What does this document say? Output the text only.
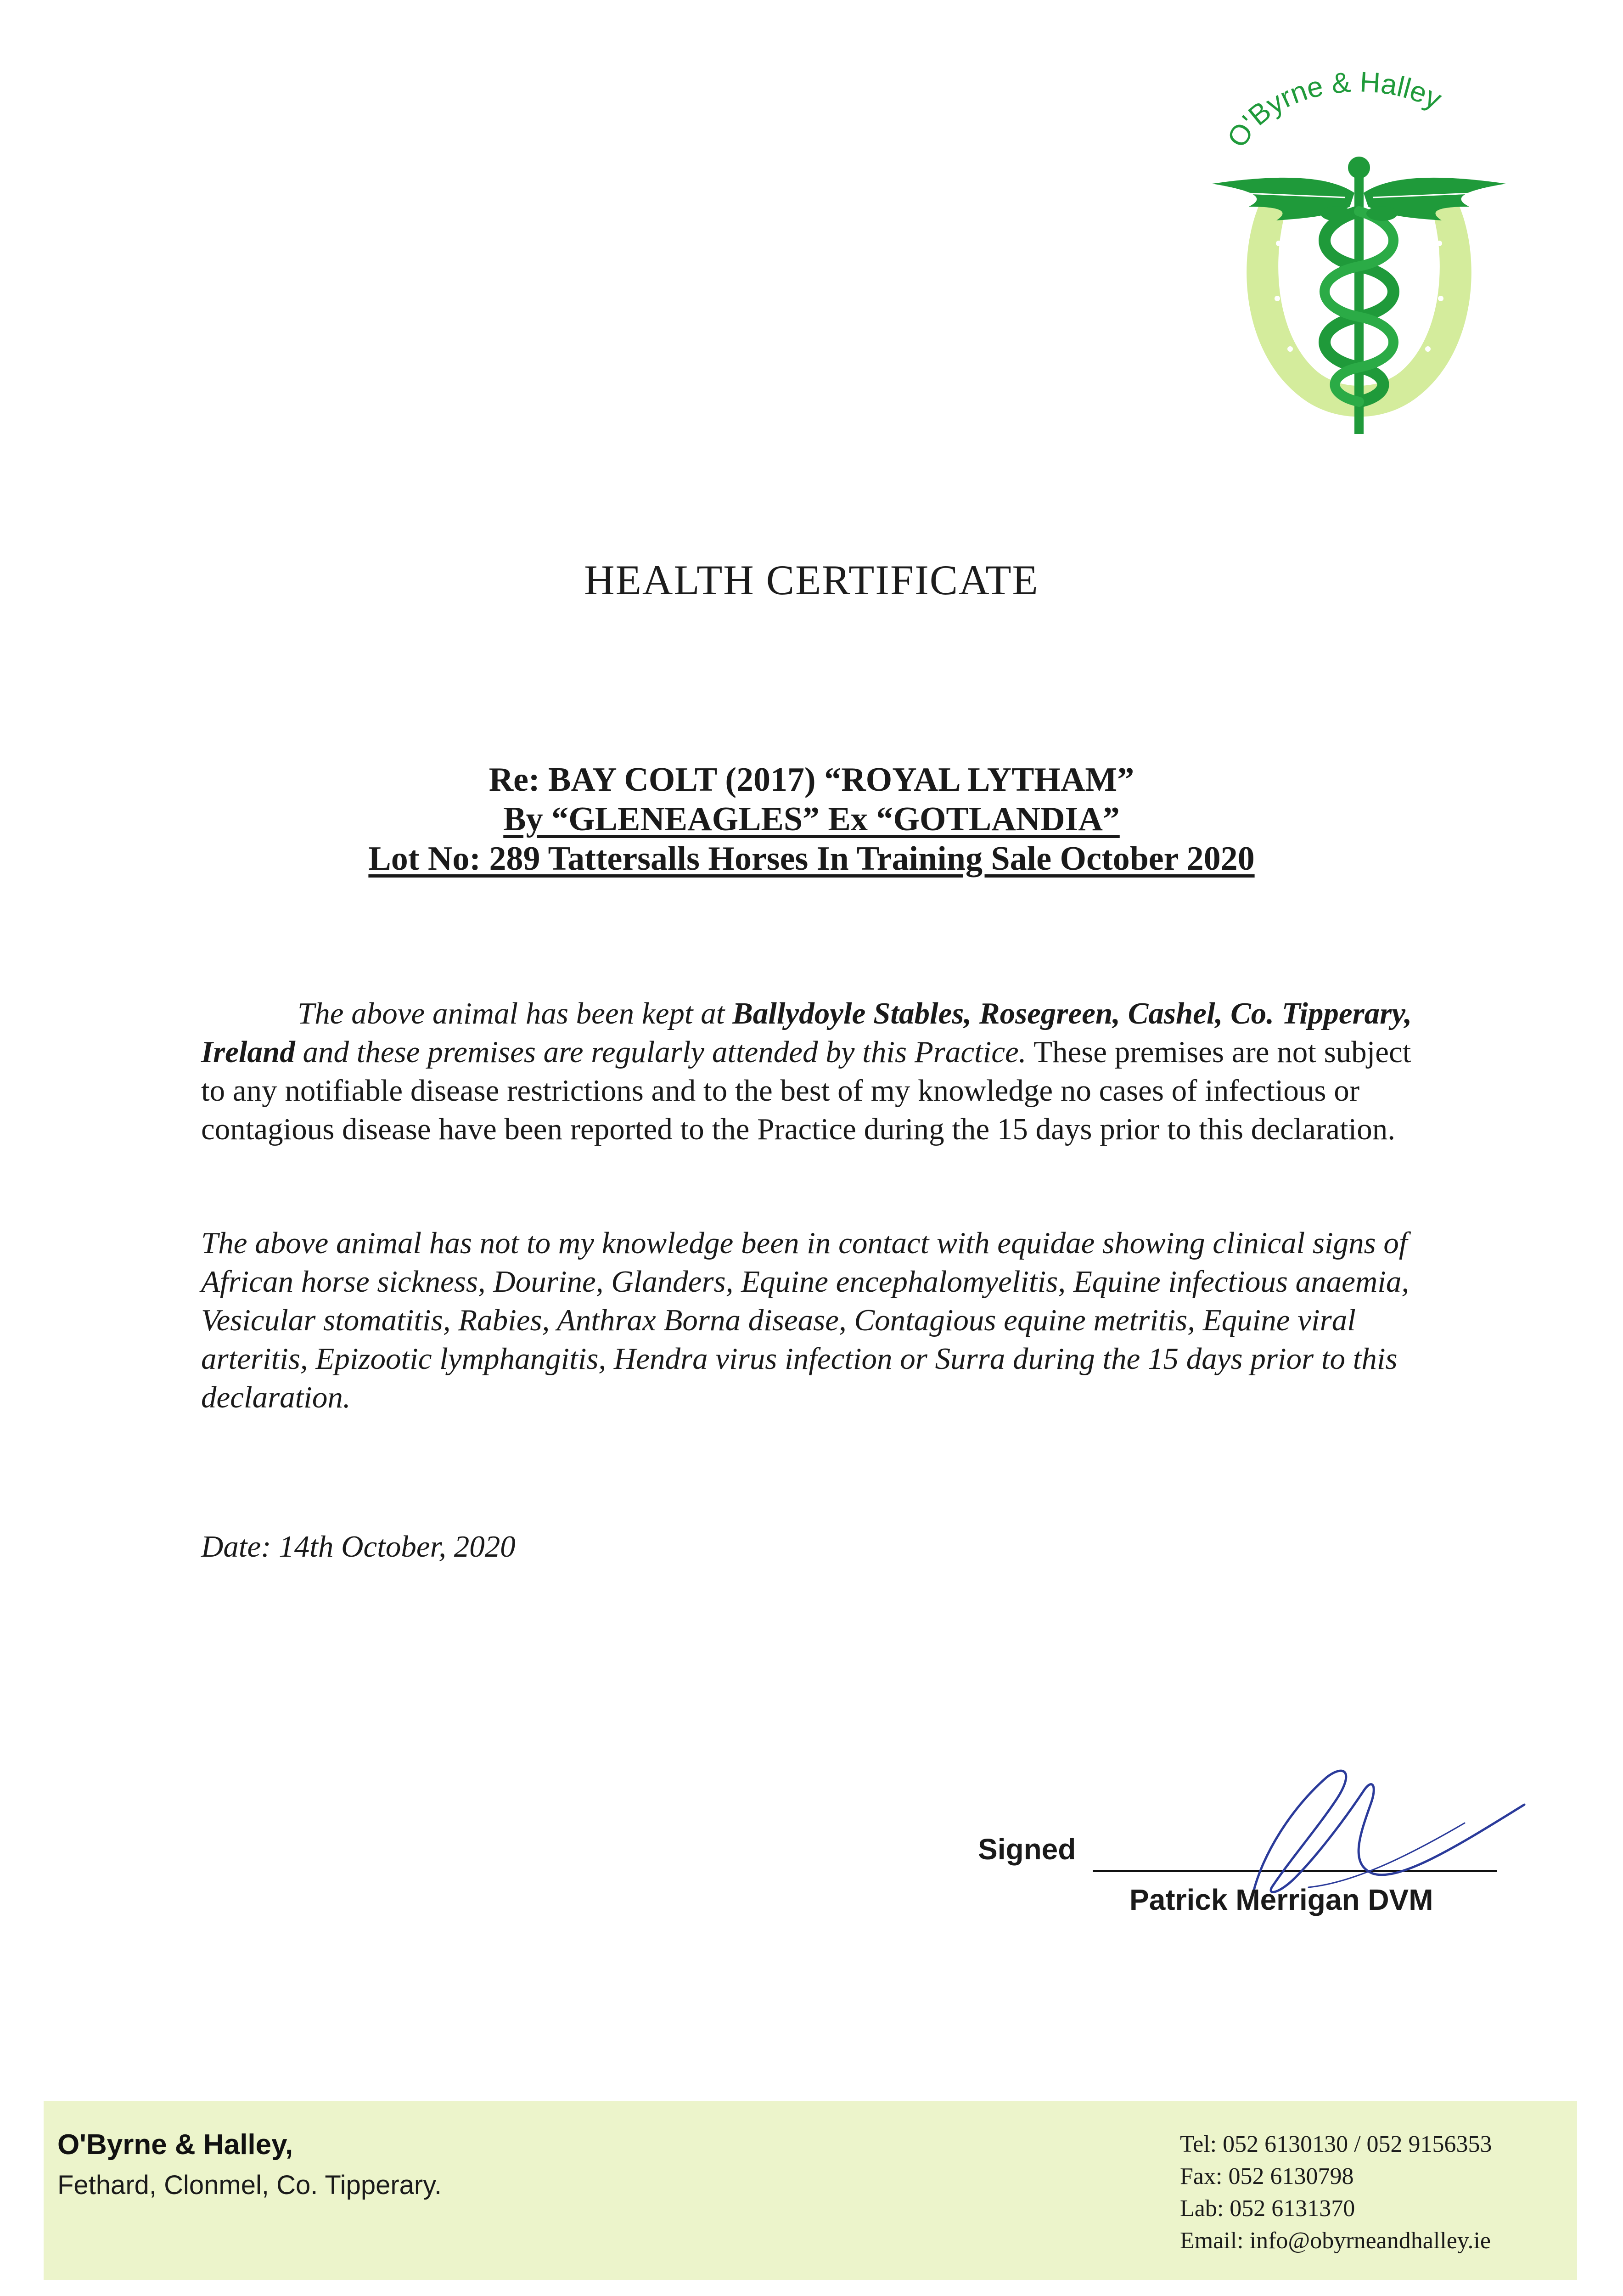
O'Byrne & Halley
HEALTH CERTIFICATE
Re: BAY COLT (2017) “ROYAL LYTHAM”
By “GLENEAGLES” Ex “GOTLANDIA”
Lot No: 289 Tattersalls Horses In Training Sale October 2020
The above animal has been kept at Ballydoyle Stables, Rosegreen, Cashel, Co. Tipperary, Ireland and these premises are regularly attended by this Practice. These premises are not subject to any notifiable disease restrictions and to the best of my knowledge no cases of infectious or contagious disease have been reported to the Practice during the 15 days prior to this declaration.
The above animal has not to my knowledge been in contact with equidae showing clinical signs of African horse sickness, Dourine, Glanders, Equine encephalomyelitis, Equine infectious anaemia, Vesicular stomatitis, Rabies, Anthrax Borna disease, Contagious equine metritis, Equine viral arteritis, Epizootic lymphangitis, Hendra virus infection or Surra during the 15 days prior to this declaration.
Date: 14th October, 2020
Signed
Patrick Merrigan DVM
O'Byrne & Halley,
Fethard, Clonmel, Co. Tipperary.
Tel: 052 6130130 / 052 9156353
Fax: 052 6130798
Lab: 052 6131370
Email: info@obyrneandhalley.ie
